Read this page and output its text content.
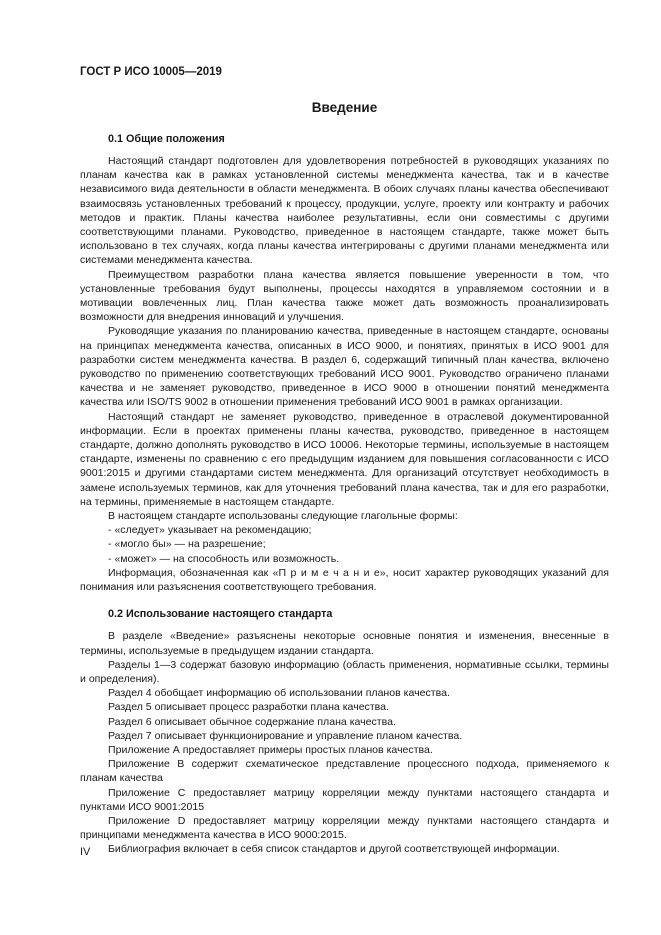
ГОСТ Р ИСО 10005—2019
Введение
0.1 Общие положения

Настоящий стандарт подготовлен для удовлетворения потребностей в руководящих указаниях по планам качества как в рамках установленной системы менеджмента качества, так и в качестве независимого вида деятельности в области менеджмента. В обоих случаях планы качества обеспечивают взаимосвязь установленных требований к процессу, продукции, услуге, проекту или контракту и рабочих методов и практик. Планы качества наиболее результативны, если они совместимы с другими соответствующими планами. Руководство, приведенное в настоящем стандарте, также может быть использовано в тех случаях, когда планы качества интегрированы с другими планами менеджмента или системами менеджмента качества.

Преимуществом разработки плана качества является повышение уверенности в том, что установленные требования будут выполнены, процессы находятся в управляемом состоянии и в мотивации вовлеченных лиц. План качества также может дать возможность проанализировать возможности для внедрения инноваций и улучшения.

Руководящие указания по планированию качества, приведенные в настоящем стандарте, основаны на принципах менеджмента качества, описанных в ИСО 9000, и понятиях, принятых в ИСО 9001 для разработки систем менеджмента качества. В раздел 6, содержащий типичный план качества, включено руководство по применению соответствующих требований ИСО 9001. Руководство ограничено планами качества и не заменяет руководство, приведенное в ИСО 9000 в отношении понятий менеджмента качества или ISO/TS 9002 в отношении применения требований ИСО 9001 в рамках организации.

Настоящий стандарт не заменяет руководство, приведенное в отраслевой документированной информации. Если в проектах применены планы качества, руководство, приведенное в настоящем стандарте, должно дополнять руководство в ИСО 10006. Некоторые термины, используемые в настоящем стандарте, изменены по сравнению с его предыдущим изданием для повышения согласованности с ИСО 9001:2015 и другими стандартами систем менеджмента. Для организаций отсутствует необходимость в замене используемых терминов, как для уточнения требований плана качества, так и для его разработки, на термины, применяемые в настоящем стандарте.

В настоящем стандарте использованы следующие глагольные формы:

- «следует» указывает на рекомендацию;

- «могло бы» — на разрешение;

- «может» — на способность или возможность.

Информация, обозначенная как «П р и м е ч а н и е», носит характер руководящих указаний для понимания или разъяснения соответствующего требования.

0.2 Использование настоящего стандарта

В разделе «Введение» разъяснены некоторые основные понятия и изменения, внесенные в термины, используемые в предыдущем издании стандарта.

Разделы 1—3 содержат базовую информацию (область применения, нормативные ссылки, термины и определения).

Раздел 4 обобщает информацию об использовании планов качества.

Раздел 5 описывает процесс разработки плана качества.

Раздел 6 описывает обычное содержание плана качества.

Раздел 7 описывает функционирование и управление планом качества.

Приложение А предоставляет примеры простых планов качества.

Приложение В содержит схематическое представление процессного подхода, применяемого к планам качества

Приложение С предоставляет матрицу корреляции между пунктами настоящего стандарта и пунктами ИСО 9001:2015

Приложение D предоставляет матрицу корреляции между пунктами настоящего стандарта и принципами менеджмента качества в ИСО 9000:2015.

Библиография включает в себя список стандартов и другой соответствующей информации.

IV
